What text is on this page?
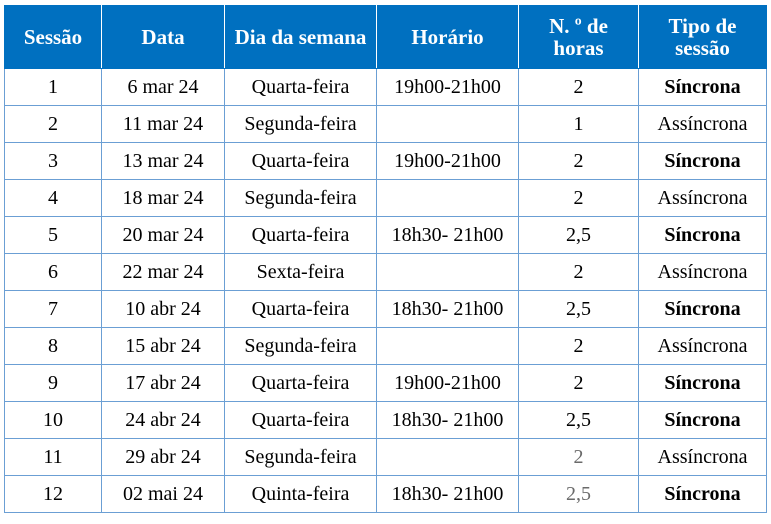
Sessão	Data	Dia da semana	Horário	N. º de horas	Tipo de sessão
1	6 mar 24	Quarta-feira	19h00-21h00	2	Síncrona
2	11 mar 24	Segunda-feira		1	Assíncrona
3	13 mar 24	Quarta-feira	19h00-21h00	2	Síncrona
4	18 mar 24	Segunda-feira		2	Assíncrona
5	20 mar 24	Quarta-feira	18h30- 21h00	2,5	Síncrona
6	22 mar 24	Sexta-feira		2	Assíncrona
7	10 abr 24	Quarta-feira	18h30- 21h00	2,5	Síncrona
8	15 abr 24	Segunda-feira		2	Assíncrona
9	17 abr 24	Quarta-feira	19h00-21h00	2	Síncrona
10	24 abr 24	Quarta-feira	18h30- 21h00	2,5	Síncrona
11	29 abr 24	Segunda-feira		2	Assíncrona
12	02 mai 24	Quinta-feira	18h30- 21h00	2,5	Síncrona
